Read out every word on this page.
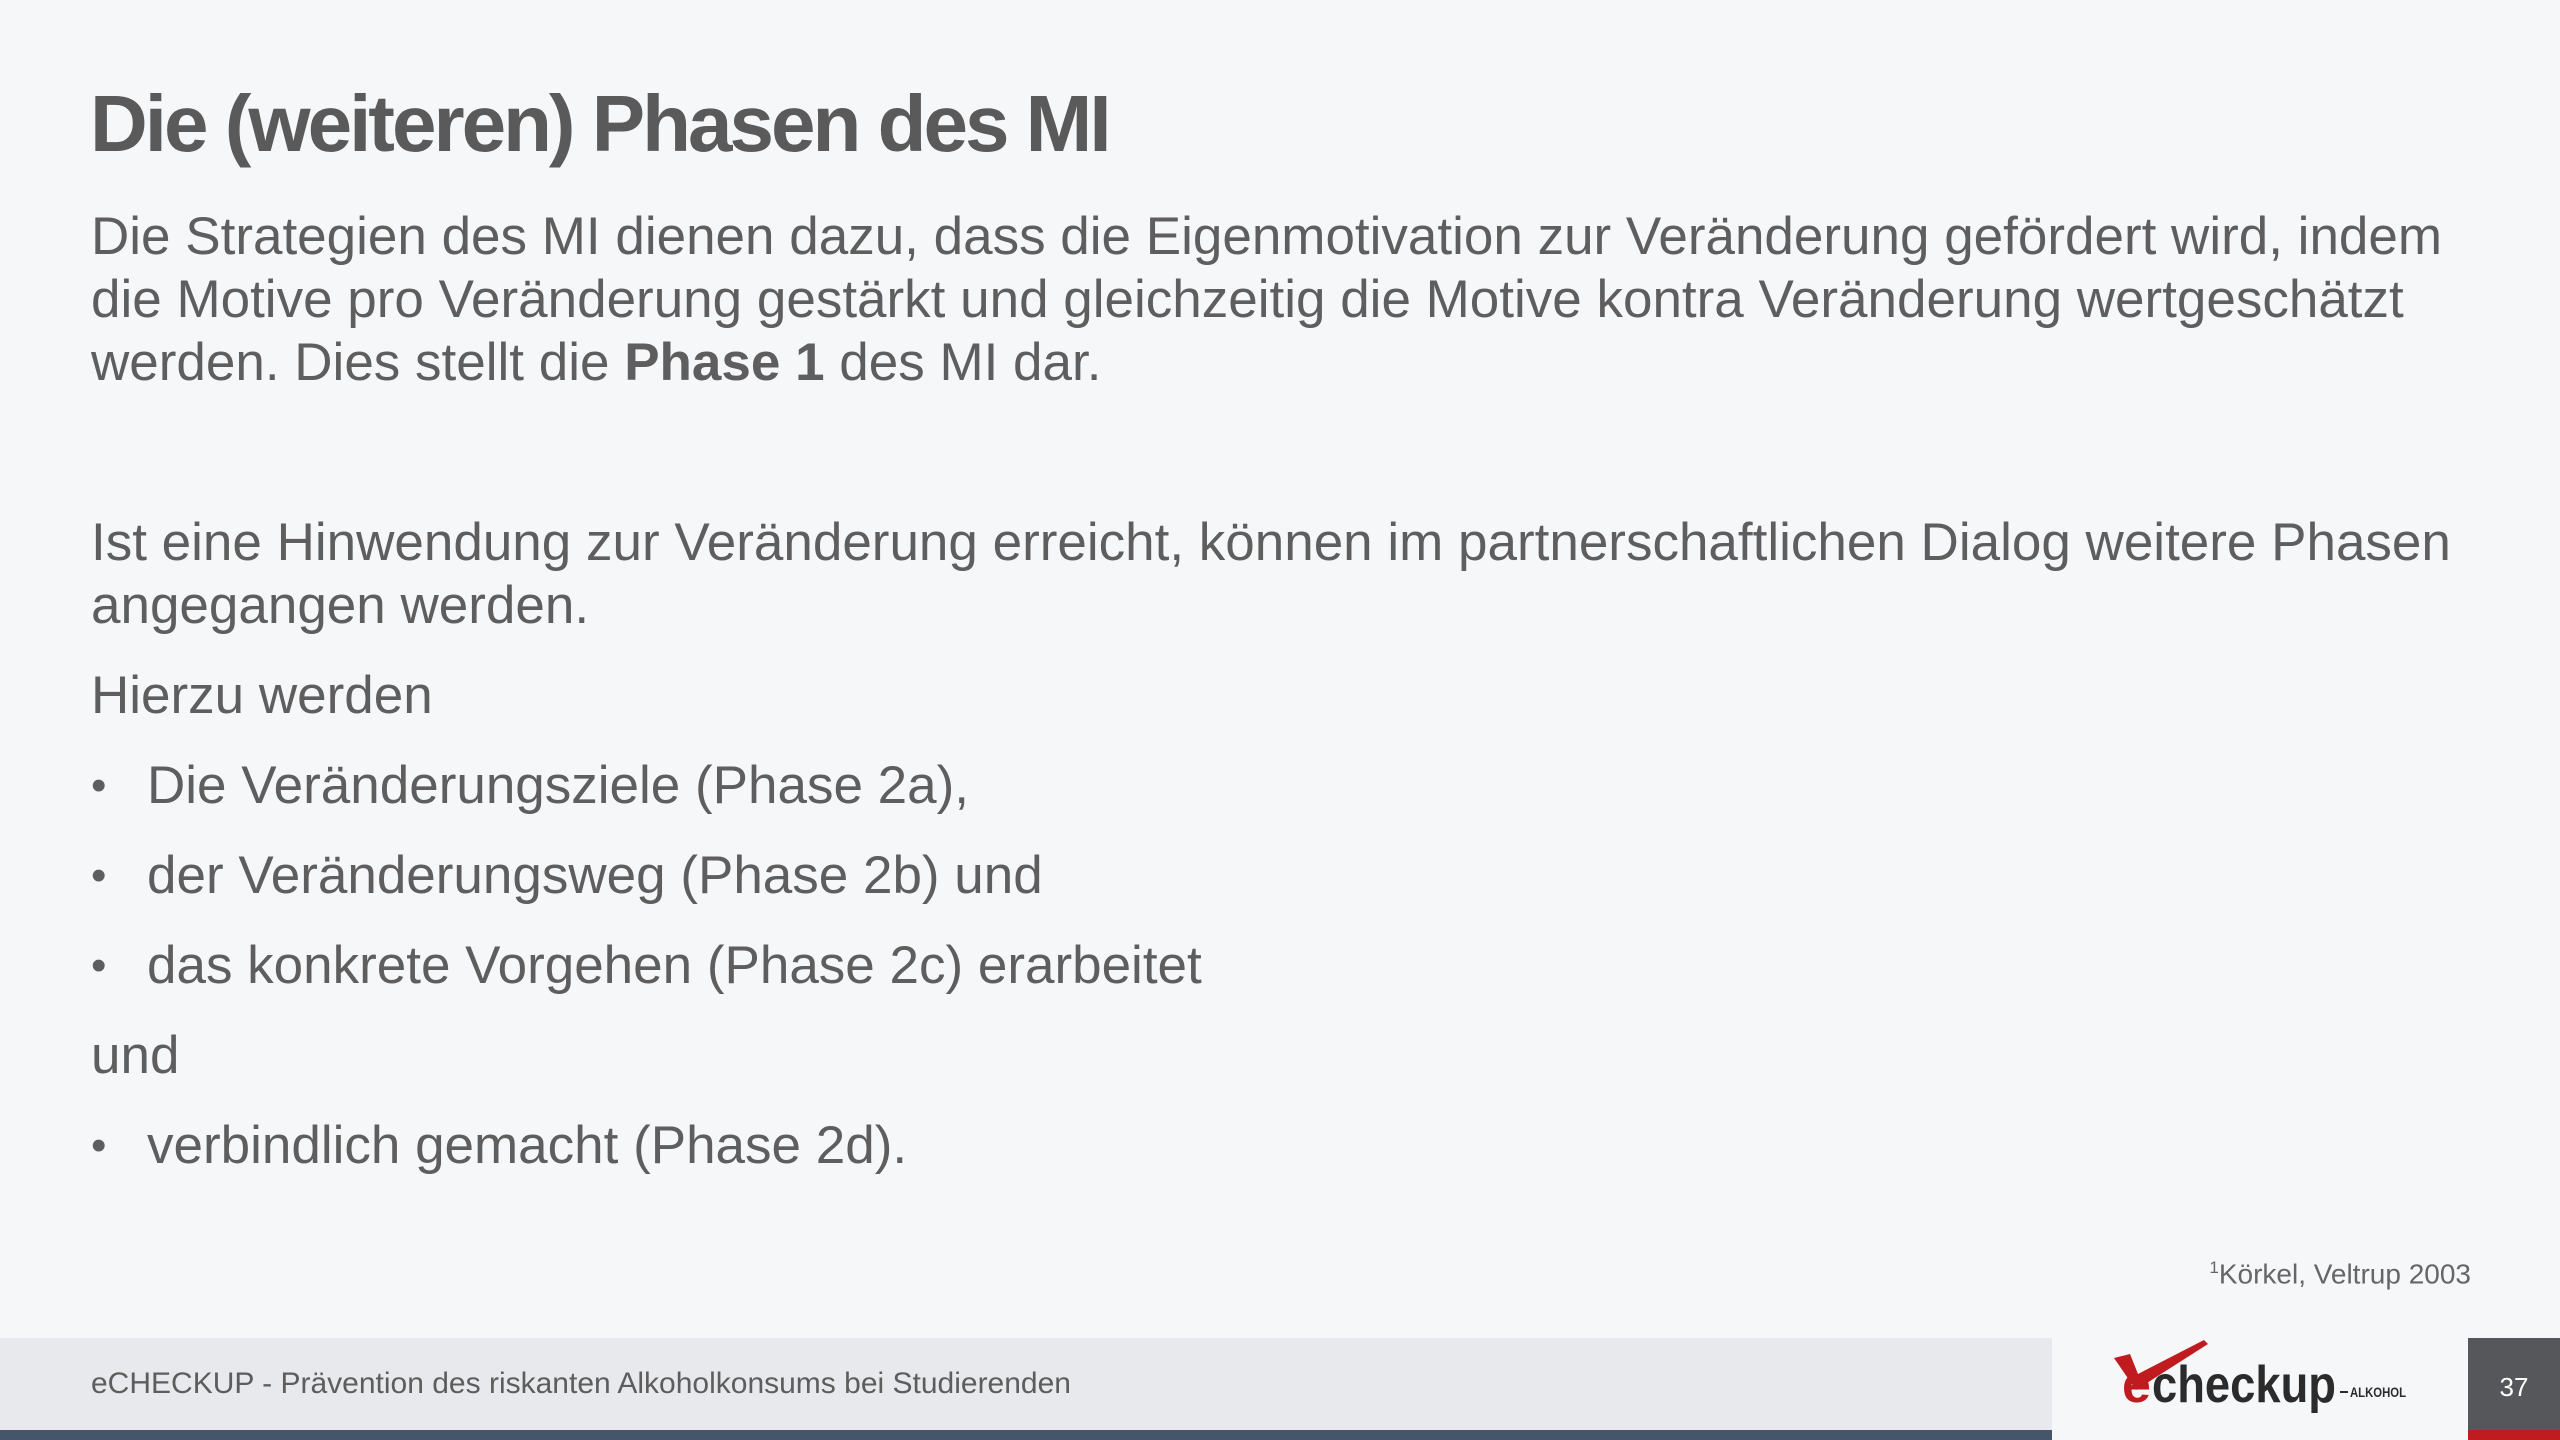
Die (weiteren) Phasen des MI

Die Strategien des MI dienen dazu, dass die Eigenmotivation zur Veränderung gefördert wird, indem die Motive pro Veränderung gestärkt und gleichzeitig die Motive kontra Veränderung wertgeschätzt werden. Dies stellt die Phase 1 des MI dar.

Ist eine Hinwendung zur Veränderung erreicht, können im partnerschaftlichen Dialog weitere Phasen angegangen werden.

Hierzu werden
• Die Veränderungsziele (Phase 2a),
• der Veränderungsweg (Phase 2b) und
• das konkrete Vorgehen (Phase 2c) erarbeitet
und
• verbindlich gemacht (Phase 2d).
$^1$Körkel, Veltrup 2003
eCHECKUP - Prävention des riskanten Alkoholkonsums bei Studierenden	e checkup ALKOHOL	37
